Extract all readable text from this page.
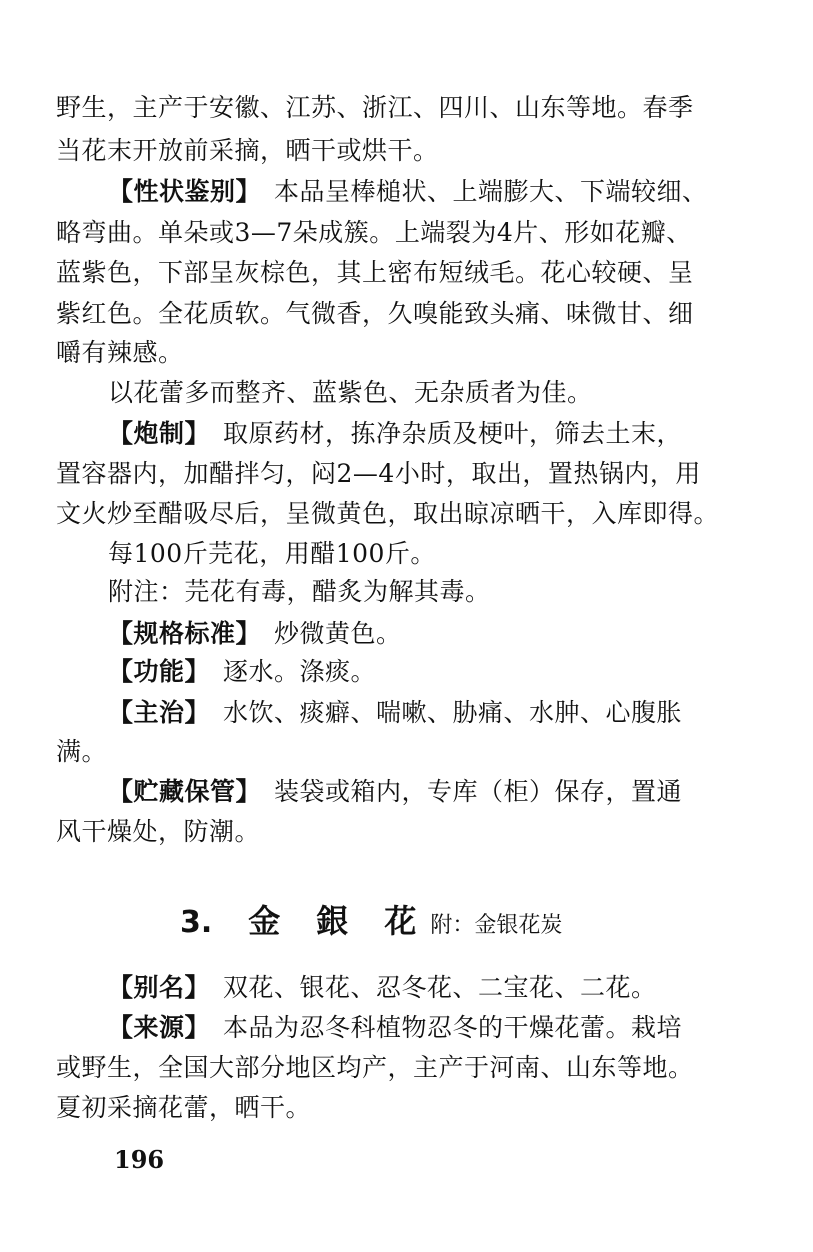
野生，主产于安徽、江苏、浙江、四川、山东等地。春季
当花末开放前采摘，晒干或烘干。
【性状鉴别】　本品呈棒槌状、上端膨大、下端较细、
略弯曲。单朵或3—7朵成簇。上端裂为4片、形如花瓣、
蓝紫色，下部呈灰棕色，其上密布短绒毛。花心较硬、呈
紫红色。全花质软。气微香，久嗅能致头痛、味微甘、细
嚼有辣感。
以花蕾多而整齐、蓝紫色、无杂质者为佳。
【炮制】　取原药材，拣净杂质及梗叶，筛去土末，
置容器内，加醋拌匀，闷2—4小时，取出，置热锅内，用
文火炒至醋吸尽后，呈微黄色，取出晾凉晒干，入库即得。
每100斤芫花，用醋100斤。
附注：芫花有毒，醋炙为解其毒。
【规格标准】　炒微黄色。
【功能】　逐水。涤痰。
【主治】　水饮、痰癖、喘嗽、胁痛、水肿、心腹胀
满。
【贮藏保管】　装袋或箱内，专库（柜）保存，置通
风干燥处，防潮。
3. 金 銀 花 附：金银花炭
【别名】　双花、银花、忍冬花、二宝花、二花。
【来源】　本品为忍冬科植物忍冬的干燥花蕾。栽培
或野生，全国大部分地区均产，主产于河南、山东等地。
夏初采摘花蕾，晒干。
196
